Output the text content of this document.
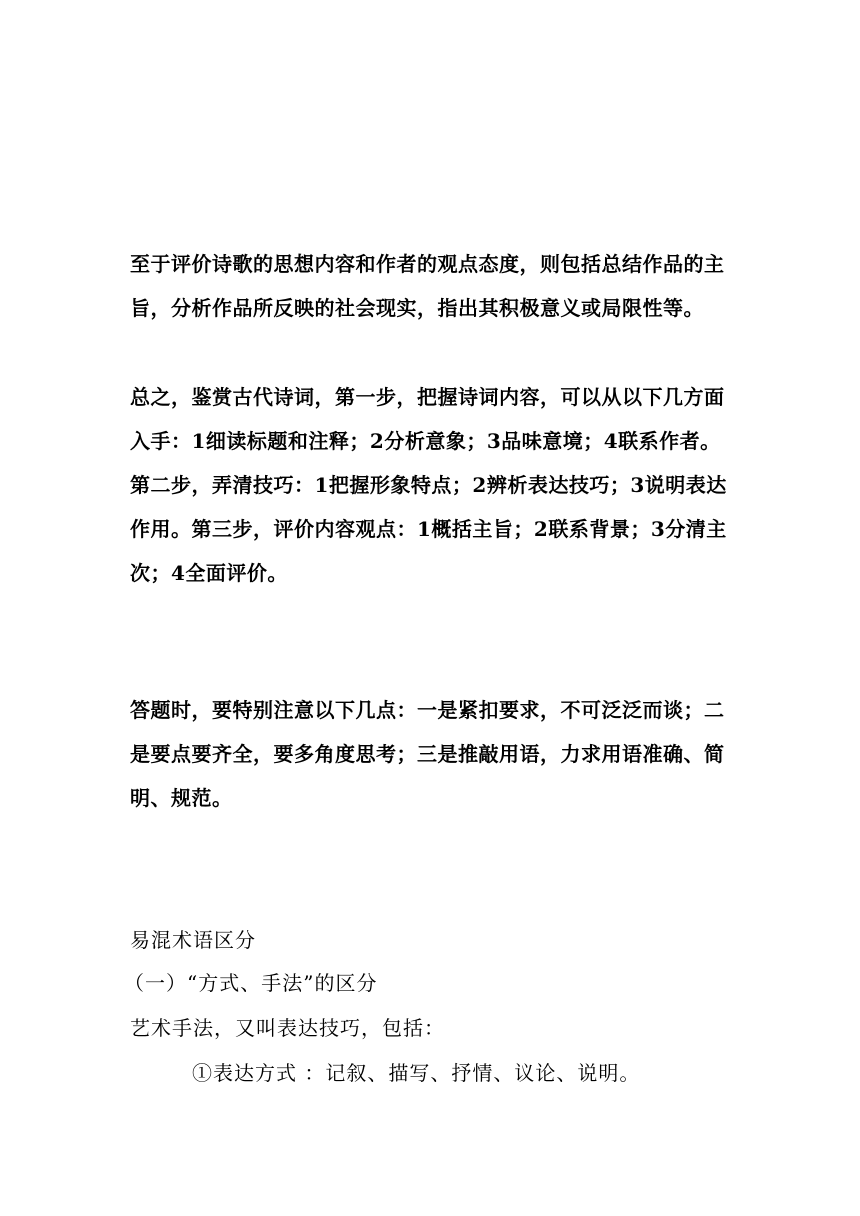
至于评价诗歌的思想内容和作者的观点态度，则包括总结作品的主旨，分析作品所反映的社会现实，指出其积极意义或局限性等。

总之，鉴赏古代诗词，第一步，把握诗词内容，可以从以下几方面入手：1细读标题和注释；2分析意象；3品味意境；4联系作者。第二步，弄清技巧：1把握形象特点；2辨析表达技巧；3说明表达作用。第三步，评价内容观点：1概括主旨；2联系背景；3分清主次；4全面评价。

答题时，要特别注意以下几点：一是紧扣要求，不可泛泛而谈；二是要点要齐全，要多角度思考；三是推敲用语，力求用语准确、简明、规范。

易混术语区分

（一）“方式、手法”的区分

艺术手法，又叫表达技巧，包括：

①表达方式 ：记叙、描写、抒情、议论、说明。
